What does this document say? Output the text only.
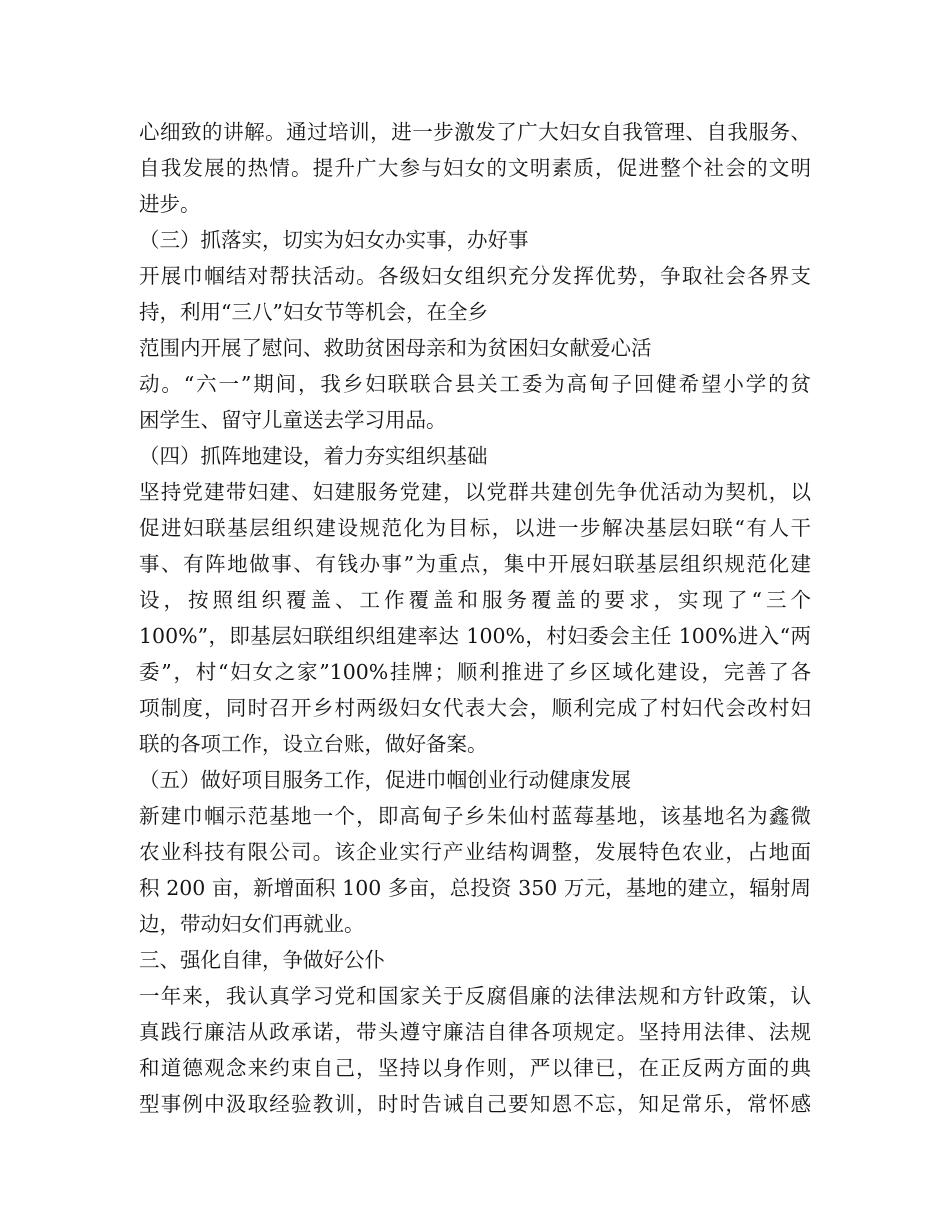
心细致的讲解。通过培训，进一步激发了广大妇女自我管理、自我服务、
自我发展的热情。提升广大参与妇女的文明素质，促进整个社会的文明
进步。
（三）抓落实，切实为妇女办实事，办好事
开展巾帼结对帮扶活动。各级妇女组织充分发挥优势，争取社会各界支
持，利用“三八”妇女节等机会，在全乡
范围内开展了慰问、救助贫困母亲和为贫困妇女献爱心活
动。“六一”期间，我乡妇联联合县关工委为高甸子回健希望小学的贫
困学生、留守儿童送去学习用品。
（四）抓阵地建设，着力夯实组织基础
坚持党建带妇建、妇建服务党建，以党群共建创先争优活动为契机，以
促进妇联基层组织建设规范化为目标，以进一步解决基层妇联“有人干
事、有阵地做事、有钱办事”为重点，集中开展妇联基层组织规范化建
设，按照组织覆盖、工作覆盖和服务覆盖的要求，实现了“三个
100%”，即基层妇联组织组建率达 100%，村妇委会主任 100%进入“两
委”，村“妇女之家”100%挂牌；顺利推进了乡区域化建设，完善了各
项制度，同时召开乡村两级妇女代表大会，顺利完成了村妇代会改村妇
联的各项工作，设立台账，做好备案。
（五）做好项目服务工作，促进巾帼创业行动健康发展
新建巾帼示范基地一个，即高甸子乡朱仙村蓝莓基地，该基地名为鑫微
农业科技有限公司。该企业实行产业结构调整，发展特色农业，占地面
积 200 亩，新增面积 100 多亩，总投资 350 万元，基地的建立，辐射周
边，带动妇女们再就业。
三、强化自律，争做好公仆
一年来，我认真学习党和国家关于反腐倡廉的法律法规和方针政策，认
真践行廉洁从政承诺，带头遵守廉洁自律各项规定。坚持用法律、法规
和道德观念来约束自己，坚持以身作则，严以律已，在正反两方面的典
型事例中汲取经验教训，时时告诫自己要知恩不忘，知足常乐，常怀感
